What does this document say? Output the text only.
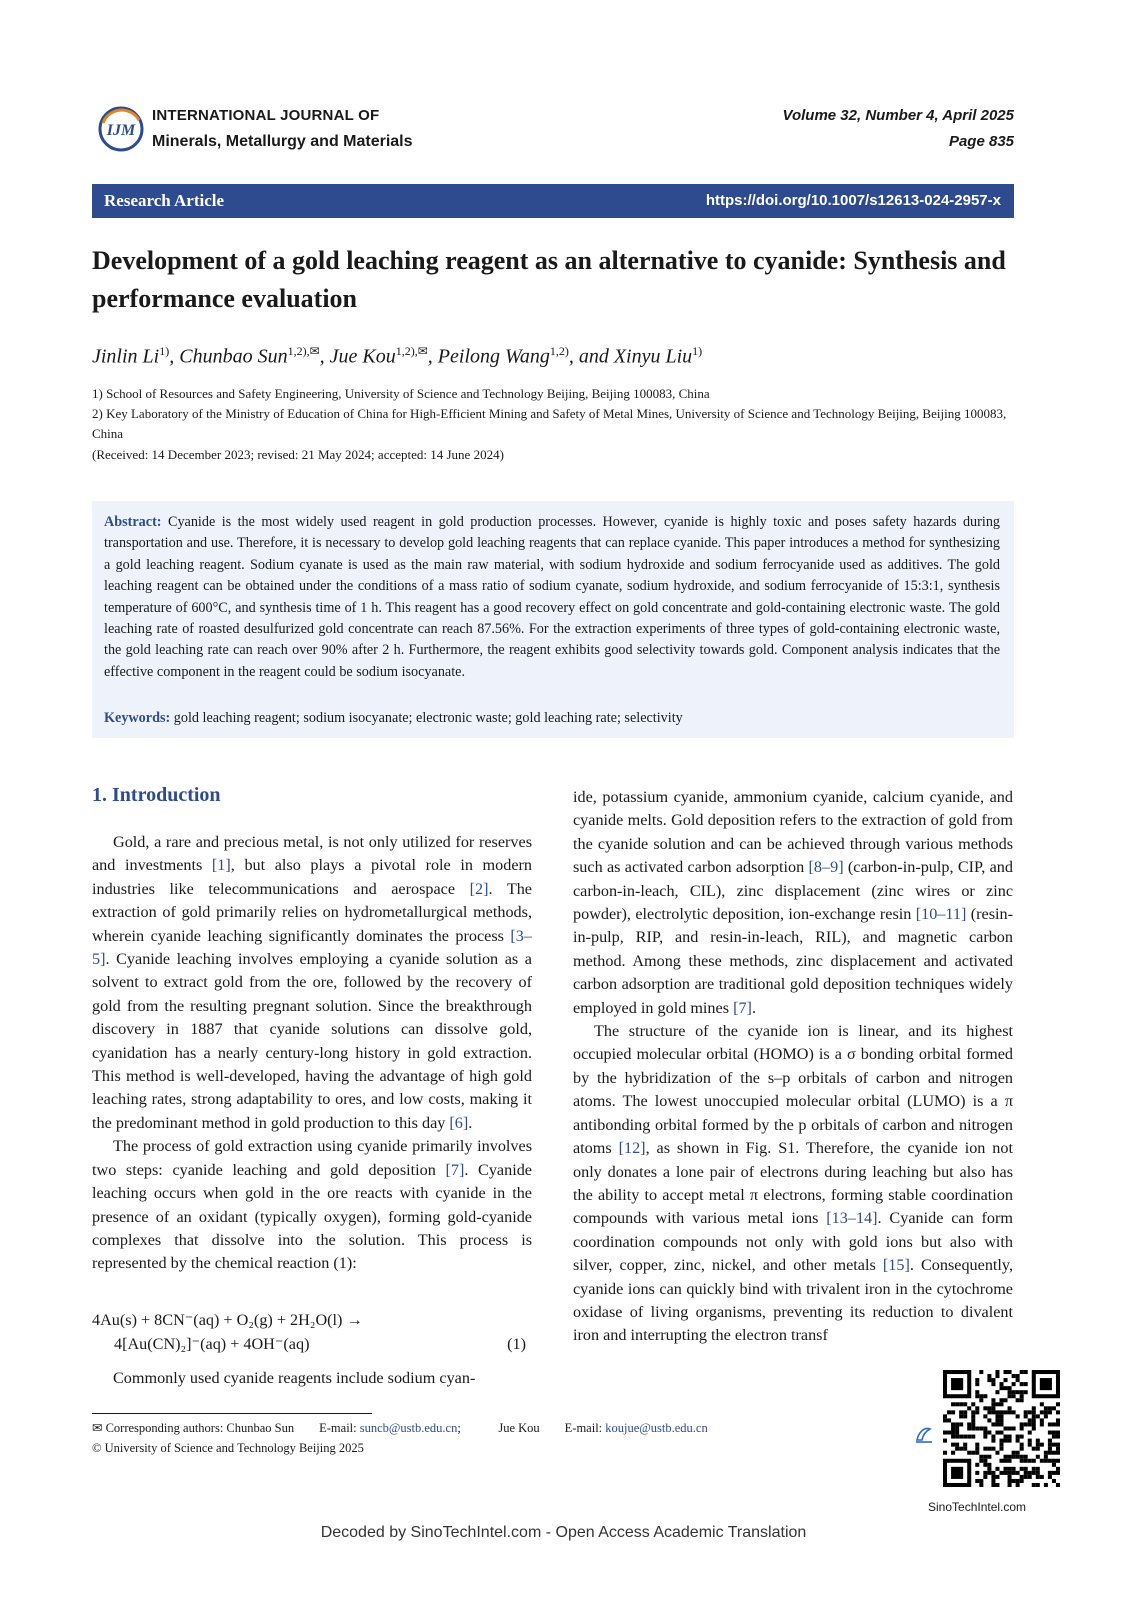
IJM
INTERNATIONAL JOURNAL OF
Minerals, Metallurgy and Materials
Volume 32, Number 4, April 2025
Page 835
Research Article	https://doi.org/10.1007/s12613-024-2957-x
Development of a gold leaching reagent as an alternative to cyanide: Synthesis and performance evaluation
Jinlin Li$^{1)}$, Chunbao Sun$^{1,2),✉}$, Jue Kou$^{1,2),✉}$, Peilong Wang$^{1,2)}$, and Xinyu Liu$^{1)}$
1) School of Resources and Safety Engineering, University of Science and Technology Beijing, Beijing 100083, China
2) Key Laboratory of the Ministry of Education of China for High-Efficient Mining and Safety of Metal Mines, University of Science and Technology Beijing, Beijing 100083, China
(Received: 14 December 2023; revised: 21 May 2024; accepted: 14 June 2024)
Abstract: Cyanide is the most widely used reagent in gold production processes. However, cyanide is highly toxic and poses safety hazards during transportation and use. Therefore, it is necessary to develop gold leaching reagents that can replace cyanide. This paper introduces a method for synthesizing a gold leaching reagent. Sodium cyanate is used as the main raw material, with sodium hydroxide and sodium ferrocyanide used as additives. The gold leaching reagent can be obtained under the conditions of a mass ratio of sodium cyanate, sodium hydroxide, and sodium ferrocyanide of 15:3:1, synthesis temperature of 600°C, and synthesis time of 1 h. This reagent has a good recovery effect on gold concentrate and gold-containing electronic waste. The gold leaching rate of roasted desulfurized gold concentrate can reach 87.56%. For the extraction experiments of three types of gold-containing electronic waste, the gold leaching rate can reach over 90% after 2 h. Furthermore, the reagent exhibits good selectivity towards gold. Component analysis indicates that the effective component in the reagent could be sodium isocyanate.
Keywords: gold leaching reagent; sodium isocyanate; electronic waste; gold leaching rate; selectivity
1. Introduction

Gold, a rare and precious metal, is not only utilized for reserves and investments [1], but also plays a pivotal role in modern industries like telecommunications and aerospace [2]. The extraction of gold primarily relies on hydrometallurgical methods, wherein cyanide leaching significantly dominates the process [3–5]. Cyanide leaching involves employing a cyanide solution as a solvent to extract gold from the ore, followed by the recovery of gold from the resulting pregnant solution. Since the breakthrough discovery in 1887 that cyanide solutions can dissolve gold, cyanidation has a nearly century-long history in gold extraction. This method is well-developed, having the advantage of high gold leaching rates, strong adaptability to ores, and low costs, making it the predominant method in gold production to this day [6].

The process of gold extraction using cyanide primarily involves two steps: cyanide leaching and gold deposition [7]. Cyanide leaching occurs when gold in the ore reacts with cyanide in the presence of an oxidant (typically oxygen), forming gold-cyanide complexes that dissolve into the solution. This process is represented by the chemical reaction (1):

4Au(s) + 8CN⁻(aq) + O₂(g) + 2H₂O(l) →
4[Au(CN)₂]⁻(aq) + 4OH⁻(aq)	(1)

Commonly used cyanide reagents include sodium cyan-

ide, potassium cyanide, ammonium cyanide, calcium cyanide, and cyanide melts. Gold deposition refers to the extraction of gold from the cyanide solution and can be achieved through various methods such as activated carbon adsorption [8–9] (carbon-in-pulp, CIP, and carbon-in-leach, CIL), zinc displacement (zinc wires or zinc powder), electrolytic deposition, ion-exchange resin [10–11] (resin-in-pulp, RIP, and resin-in-leach, RIL), and magnetic carbon method. Among these methods, zinc displacement and activated carbon adsorption are traditional gold deposition techniques widely employed in gold mines [7].

The structure of the cyanide ion is linear, and its highest occupied molecular orbital (HOMO) is a σ bonding orbital formed by the hybridization of the s–p orbitals of carbon and nitrogen atoms. The lowest unoccupied molecular orbital (LUMO) is a π antibonding orbital formed by the p orbitals of carbon and nitrogen atoms [12], as shown in Fig. S1. Therefore, the cyanide ion not only donates a lone pair of electrons during leaching but also has the ability to accept metal π electrons, forming stable coordination compounds with various metal ions [13–14]. Cyanide can form coordination compounds not only with gold ions but also with silver, copper, zinc, nickel, and other metals [15]. Consequently, cyanide ions can quickly bind with trivalent iron in the cytochrome oxidase of living organisms, preventing its reduction to divalent iron and interrupting the electron transf

✉ Corresponding authors: Chunbao Sun  E-mail: suncb@ustb.edu.cn;   Jue Kou  E-mail: koujue@ustb.edu.cn
© University of Science and Technology Beijing 2025
SinoTechIntel.com
Decoded by SinoTechIntel.com - Open Access Academic Translation
